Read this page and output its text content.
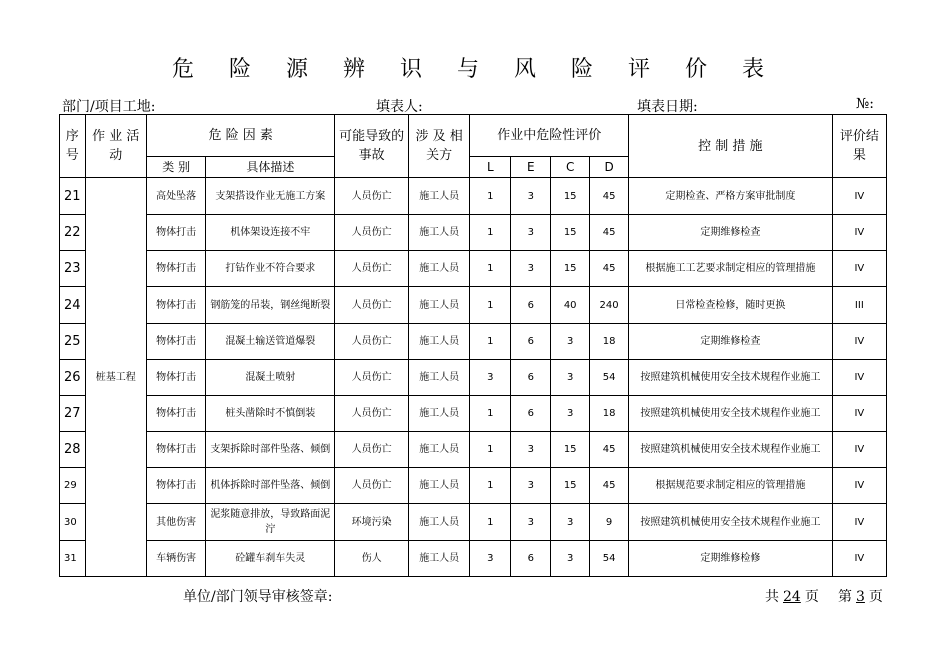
危 险 源 辨 识 与 风 险 评 价 表
部门/项目工地:	填表人:	填表日期:	№:
序号	作 业 活 动	危 险 因 素		可能导致的事故	涉 及 相关方	作业中危险性评价				控 制 措 施	评价结果
		类 别	具体描述			L	E	C	D		
21	桩基工程	高处坠落	支架搭设作业无施工方案	人员伤亡	施工人员	1	3	15	45	定期检查、严格方案审批制度	IV
22		物体打击	机体架设连接不牢	人员伤亡	施工人员	1	3	15	45	定期维修检查	IV
23		物体打击	打钻作业不符合要求	人员伤亡	施工人员	1	3	15	45	根据施工工艺要求制定相应的管理措施	IV
24		物体打击	钢筋笼的吊装，钢丝绳断裂	人员伤亡	施工人员	1	6	40	240	日常检查检修，随时更换	III
25		物体打击	混凝土输送管道爆裂	人员伤亡	施工人员	1	6	3	18	定期维修检查	IV
26		物体打击	混凝土喷射	人员伤亡	施工人员	3	6	3	54	按照建筑机械使用安全技术规程作业施工	IV
27		物体打击	桩头凿除时不慎倒装	人员伤亡	施工人员	1	6	3	18	按照建筑机械使用安全技术规程作业施工	IV
28		物体打击	支架拆除时部件坠落、倾倒	人员伤亡	施工人员	1	3	15	45	按照建筑机械使用安全技术规程作业施工	IV
29		物体打击	机体拆除时部件坠落、倾倒	人员伤亡	施工人员	1	3	15	45	根据规范要求制定相应的管理措施	IV
30		其他伤害	泥浆随意排放，导致路面泥泞	环境污染	施工人员	1	3	3	9	按照建筑机械使用安全技术规程作业施工	IV
31		车辆伤害	砼罐车刹车失灵	伤人	施工人员	3	6	3	54	定期维修检修	IV
单位/部门领导审核签章:	共 24 页 第 3 页
